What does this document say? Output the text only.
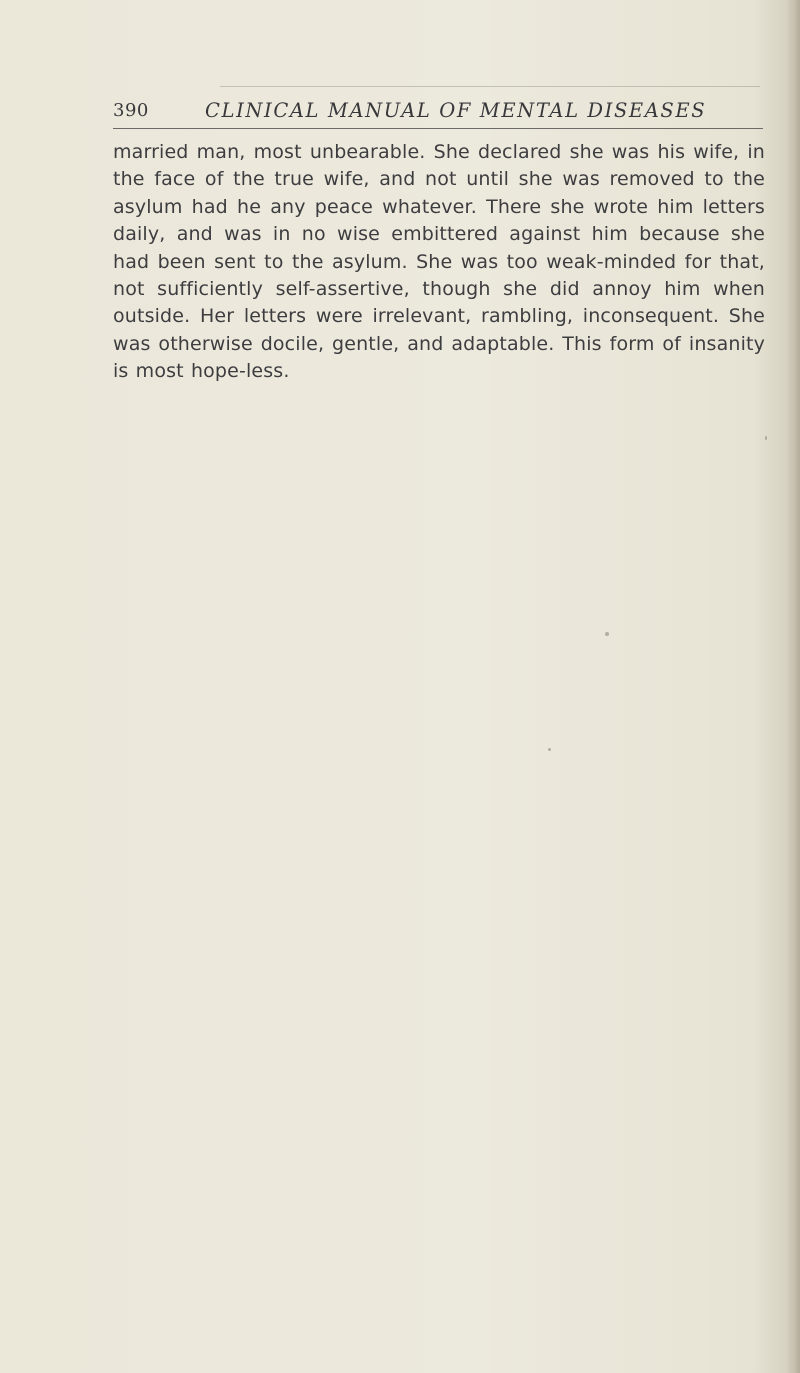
390	CLINICAL MANUAL OF MENTAL DISEASES

married man, most unbearable. She declared she was his wife, in the face of the true wife, and not until she was removed to the asylum had he any peace whatever. There she wrote him letters daily, and was in no wise embittered against him because she had been sent to the asylum. She was too weak-minded for that, not sufficiently self-assertive, though she did annoy him when outside. Her letters were irrelevant, rambling, inconsequent. She was otherwise docile, gentle, and adaptable. This form of insanity is most hope-less.
